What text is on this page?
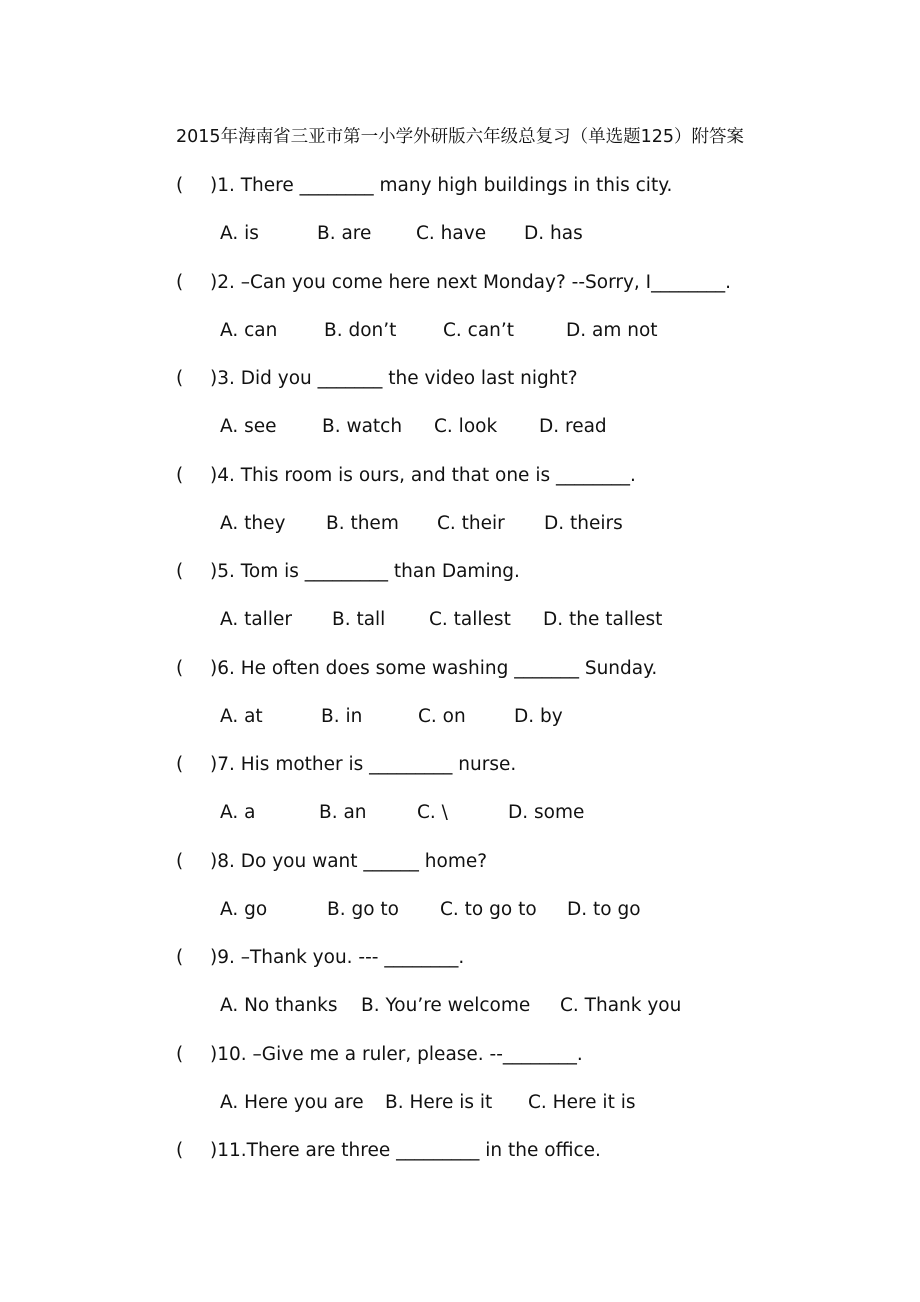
2015年海南省三亚市第一小学外研版六年级总复习（单选题125）附答案
( )1. There ________ many high buildings in this city.
A. is	B. are C. have D. has
( )2. –Can you come here next Monday? --Sorry, I________.
A. can	B. don’t	C. can’t	D. am not
( )3. Did you _______ the video last night?
A. see B. watch C. look D. read
( )4. This room is ours, and that one is ________.
A. they B. them C. their D. theirs
( )5. Tom is _________ than Daming.
A. taller B. tall C. tallest D. the tallest
( )6. He often does some washing _______ Sunday.
A. at	B. in	C. on	D. by
( )7. His mother is _________ nurse.
A. a	B. an	C. \	D. some
( )8. Do you want ______ home?
A. go	B. go to C. to go to D. to go
( )9. –Thank you. --- ________.
A. No thanks B. You’re welcome C. Thank you
( )10. –Give me a ruler, please. --________.
A. Here you are B. Here is it C. Here it is
( )11.There are three _________ in the office.
